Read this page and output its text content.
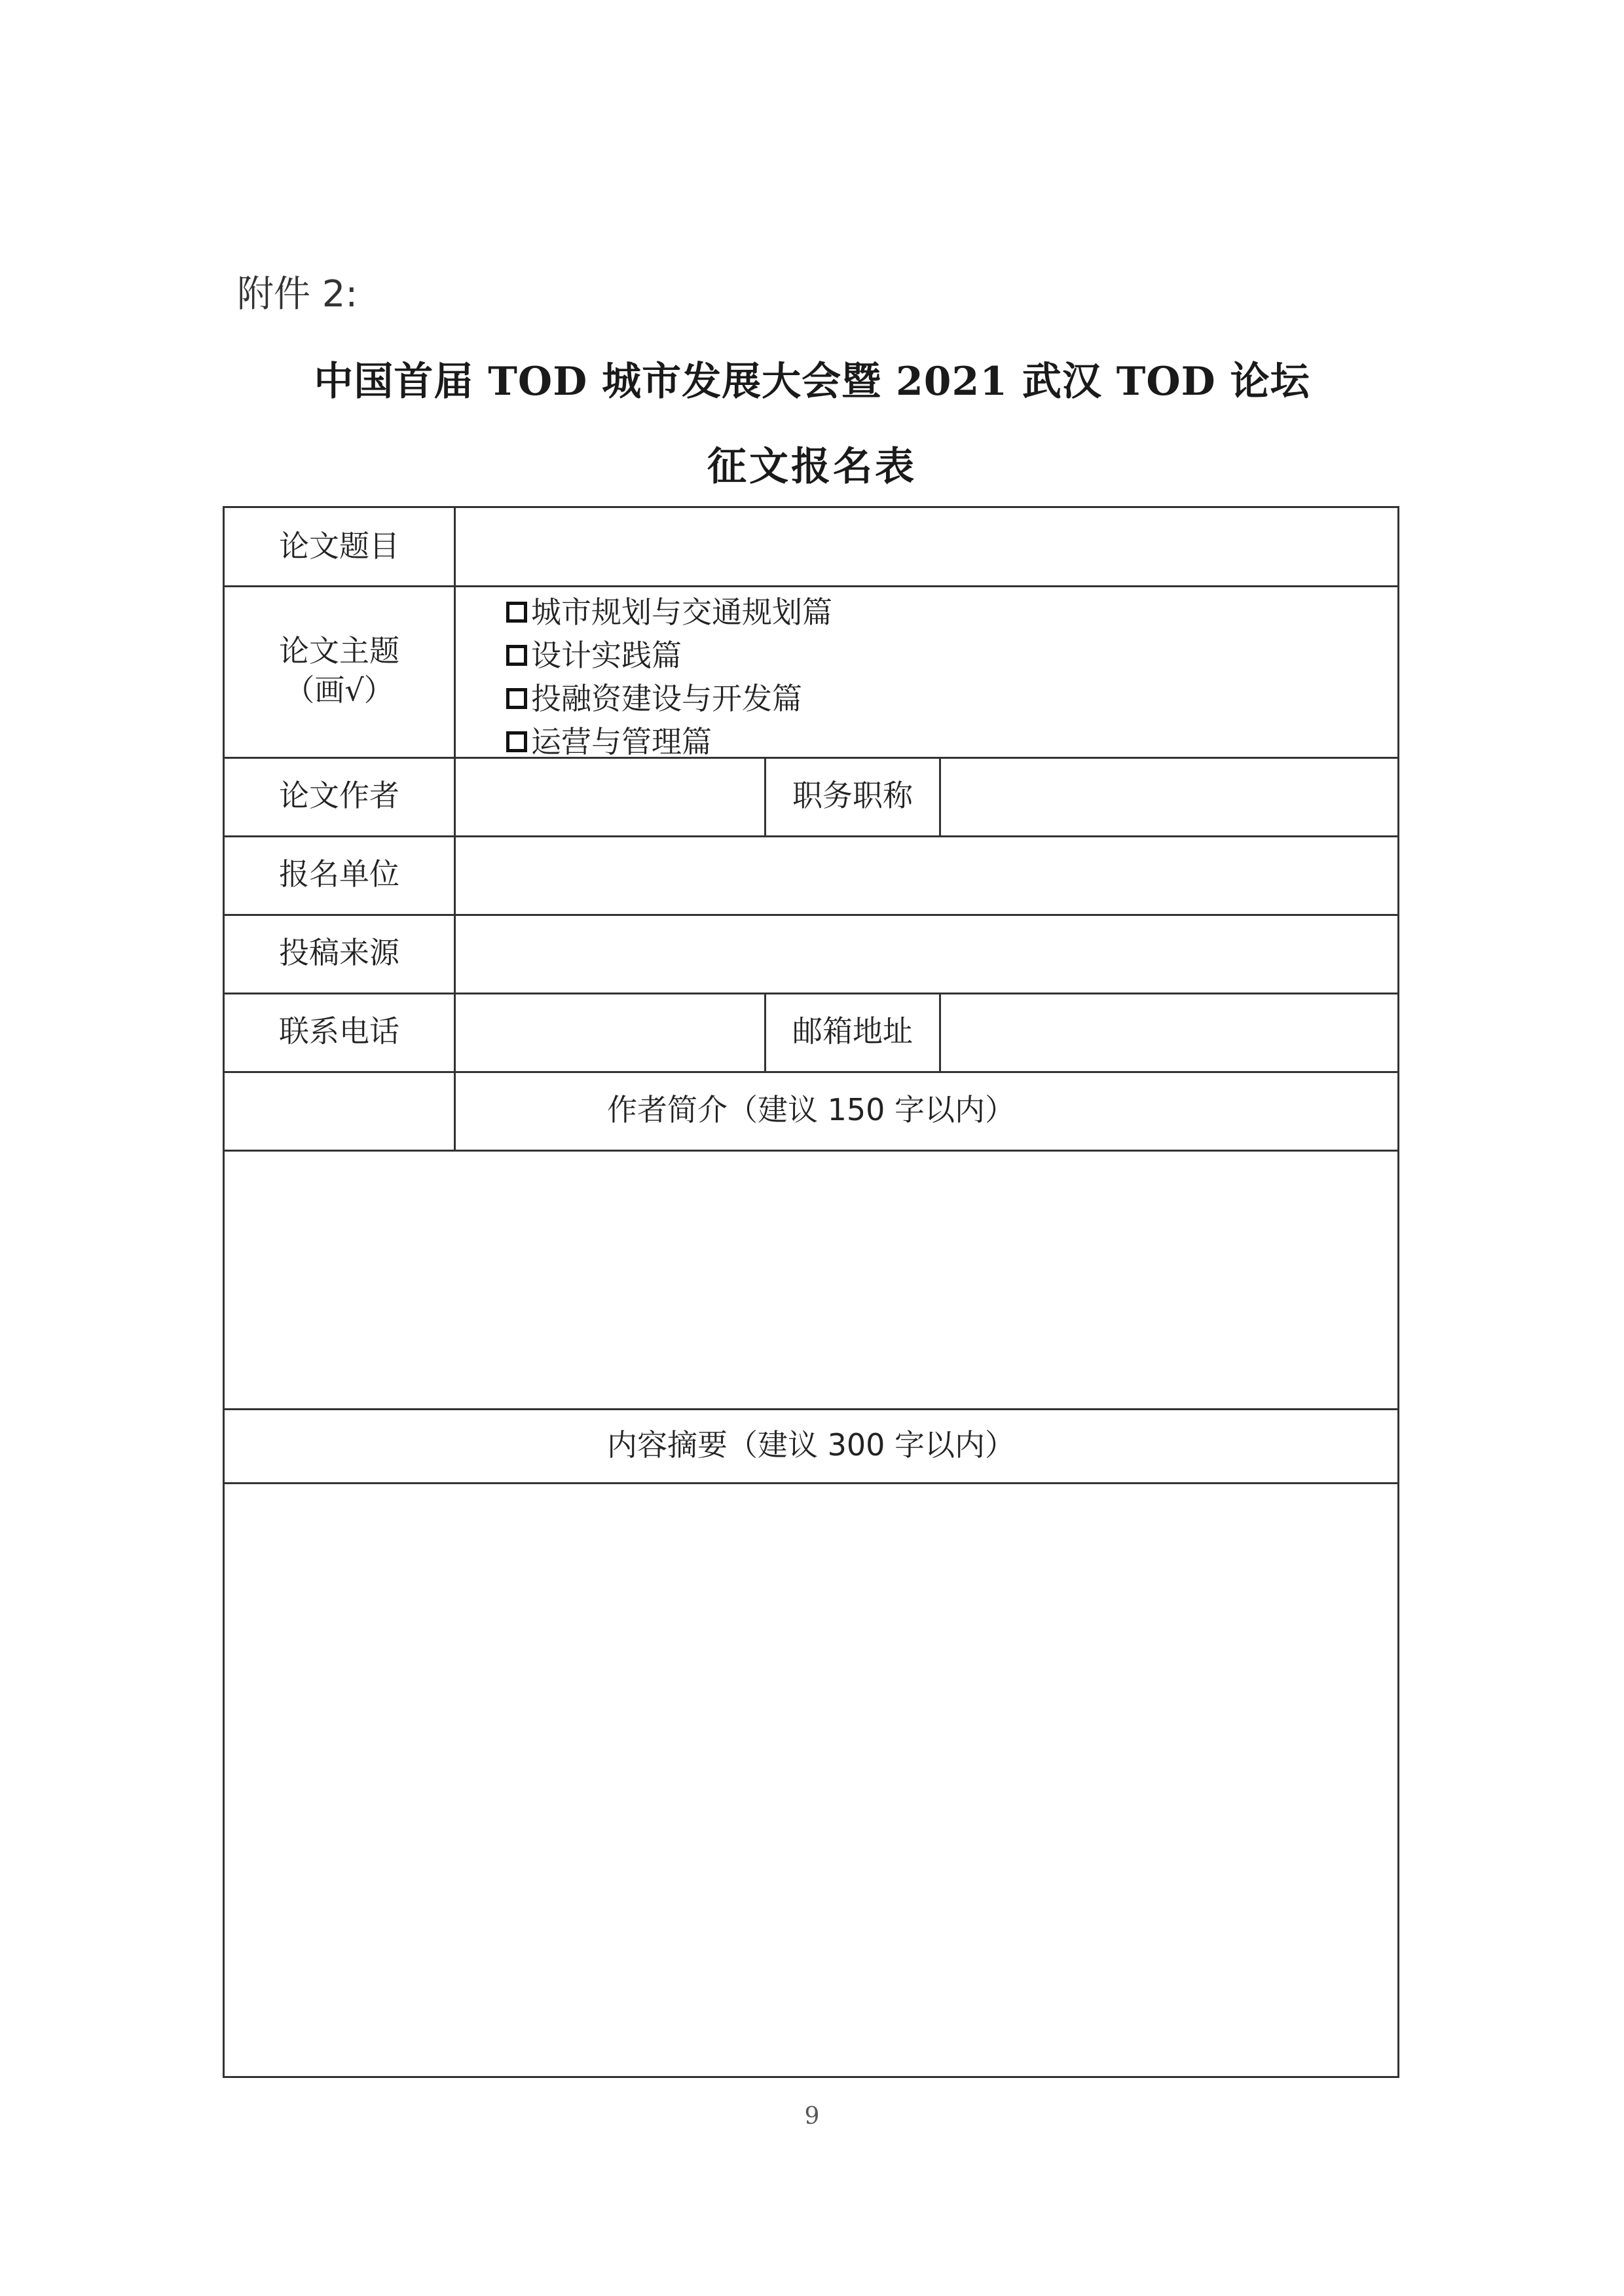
附件 2:
中国首届 TOD 城市发展大会暨 2021 武汉 TOD 论坛
征文报名表
论文题目
论文主题
（画√）
城市规划与交通规划篇
设计实践篇
投融资建设与开发篇
运营与管理篇
论文作者	职务职称
报名单位
投稿来源
联系电话	邮箱地址
作者简介（建议 150 字以内）
内容摘要（建议 300 字以内）
9
